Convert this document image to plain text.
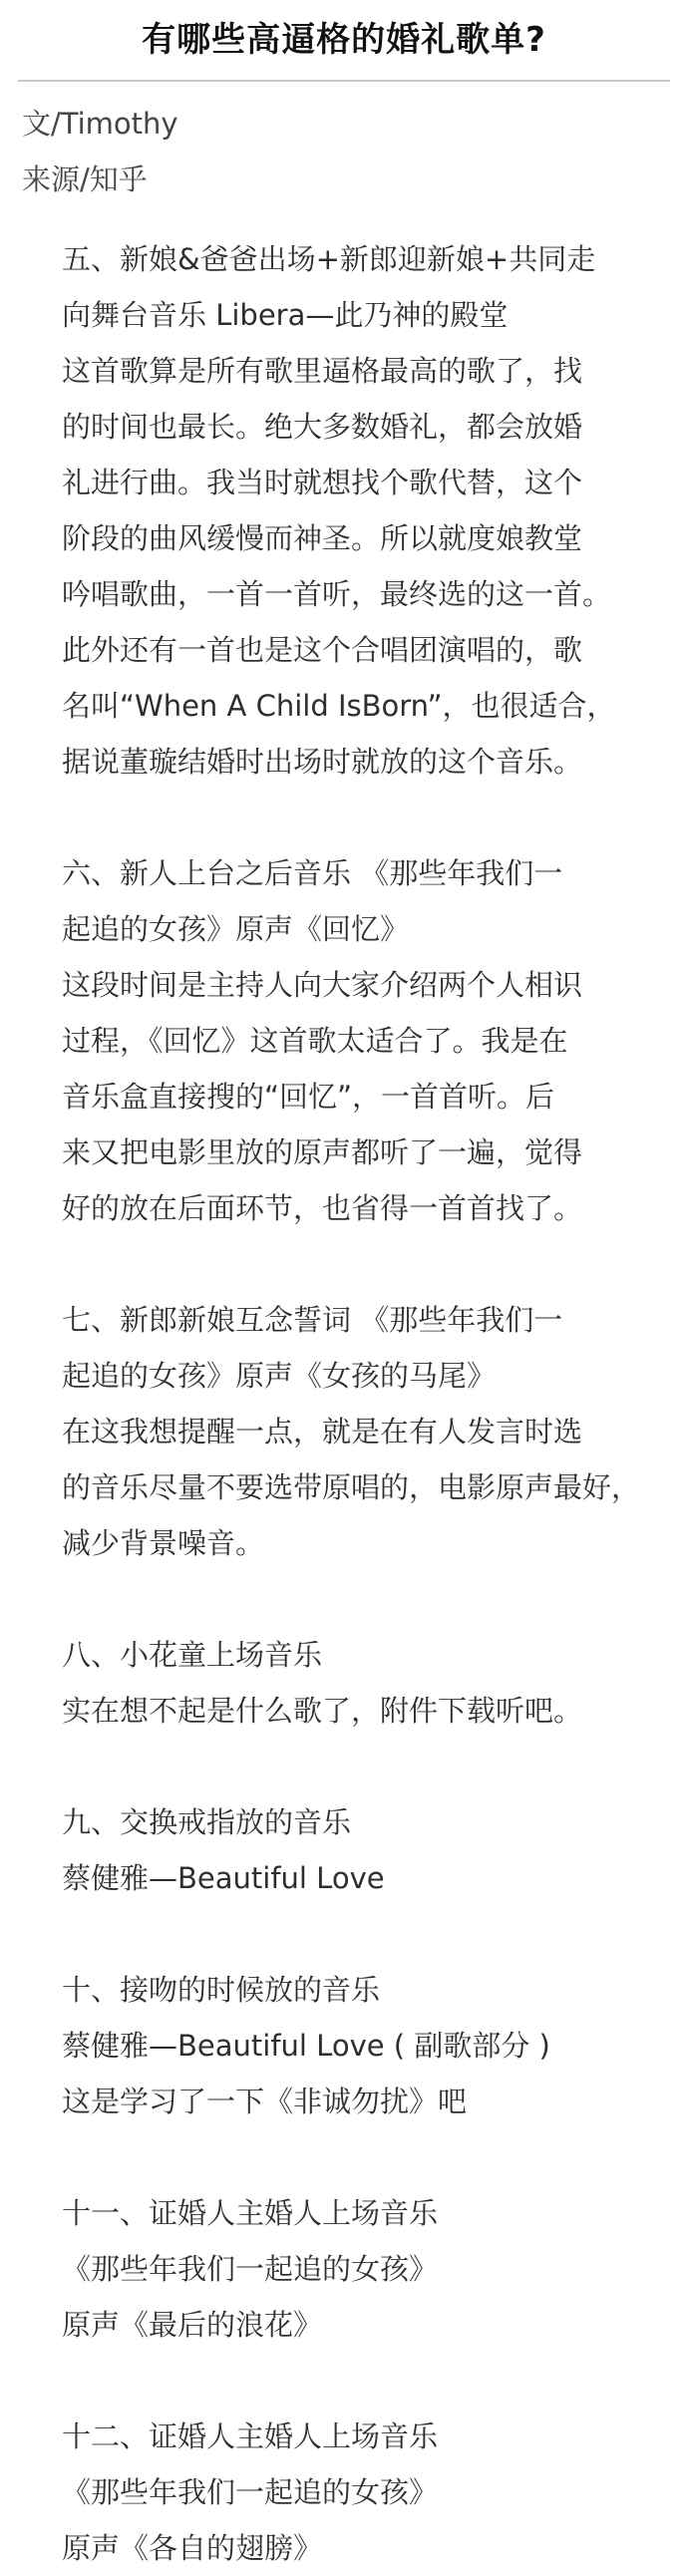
有哪些高逼格的婚礼歌单?
文/Timothy
来源/知乎
五、新娘&爸爸出场+新郎迎新娘+共同走
向舞台音乐 Libera—此乃神的殿堂
这首歌算是所有歌里逼格最高的歌了，找
的时间也最长。绝大多数婚礼，都会放婚
礼进行曲。我当时就想找个歌代替，这个
阶段的曲风缓慢而神圣。所以就度娘教堂
吟唱歌曲，一首一首听，最终选的这一首。
此外还有一首也是这个合唱团演唱的，歌
名叫“When A Child IsBorn”，也很适合，
据说董璇结婚时出场时就放的这个音乐。
六、新人上台之后音乐 《那些年我们一
起追的女孩》原声《回忆》
这段时间是主持人向大家介绍两个人相识
过程，《回忆》这首歌太适合了。我是在
音乐盒直接搜的“回忆”，一首首听。后
来又把电影里放的原声都听了一遍，觉得
好的放在后面环节，也省得一首首找了。
七、新郎新娘互念誓词 《那些年我们一
起追的女孩》原声《女孩的马尾》
在这我想提醒一点，就是在有人发言时选
的音乐尽量不要选带原唱的，电影原声最好，
减少背景噪音。
八、小花童上场音乐
实在想不起是什么歌了，附件下载听吧。
九、交换戒指放的音乐
蔡健雅—Beautiful Love
十、接吻的时候放的音乐
蔡健雅—Beautiful Love ( 副歌部分 )
这是学习了一下《非诚勿扰》吧
十一、证婚人主婚人上场音乐
《那些年我们一起追的女孩》
原声《最后的浪花》
十二、证婚人主婚人上场音乐
《那些年我们一起追的女孩》
原声《各自的翅膀》
